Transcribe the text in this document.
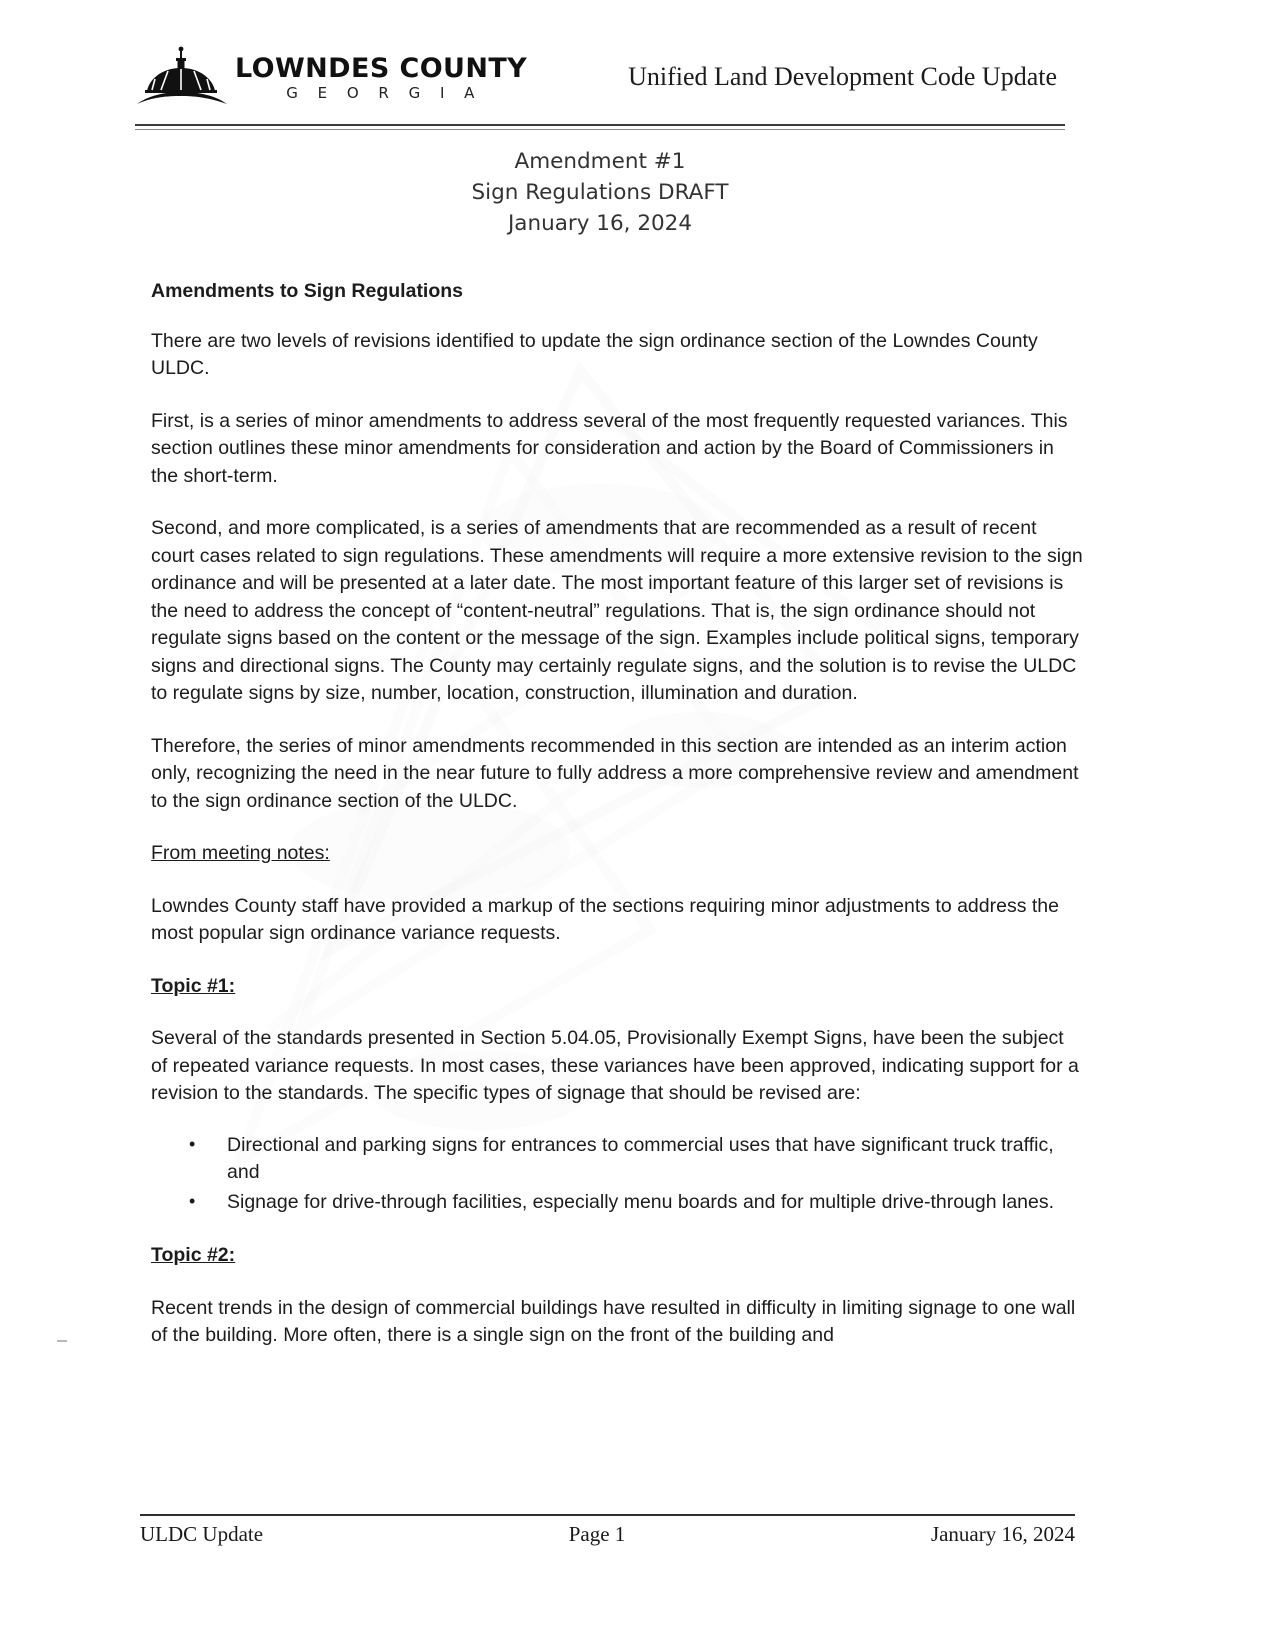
LOWNDES COUNTY
G E O R G I A
Unified Land Development Code Update
Amendment #1
Sign Regulations DRAFT
January 16, 2024
Amendments to Sign Regulations

There are two levels of revisions identified to update the sign ordinance section of the Lowndes County ULDC.

First, is a series of minor amendments to address several of the most frequently requested variances. This section outlines these minor amendments for consideration and action by the Board of Commissioners in the short-term.

Second, and more complicated, is a series of amendments that are recommended as a result of recent court cases related to sign regulations. These amendments will require a more extensive revision to the sign ordinance and will be presented at a later date. The most important feature of this larger set of revisions is the need to address the concept of “content-neutral” regulations. That is, the sign ordinance should not regulate signs based on the content or the message of the sign. Examples include political signs, temporary signs and directional signs. The County may certainly regulate signs, and the solution is to revise the ULDC to regulate signs by size, number, location, construction, illumination and duration.

Therefore, the series of minor amendments recommended in this section are intended as an interim action only, recognizing the need in the near future to fully address a more comprehensive review and amendment to the sign ordinance section of the ULDC.

From meeting notes:

Lowndes County staff have provided a markup of the sections requiring minor adjustments to address the most popular sign ordinance variance requests.

Topic #1:

Several of the standards presented in Section 5.04.05, Provisionally Exempt Signs, have been the subject of repeated variance requests. In most cases, these variances have been approved, indicating support for a revision to the standards. The specific types of signage that should be revised are:

• Directional and parking signs for entrances to commercial uses that have significant truck traffic, and
• Signage for drive-through facilities, especially menu boards and for multiple drive-through lanes.
Topic #2:

Recent trends in the design of commercial buildings have resulted in difficulty in limiting signage to one wall of the building. More often, there is a single sign on the front of the building and

ULDC Update	Page 1	January 16, 2024
